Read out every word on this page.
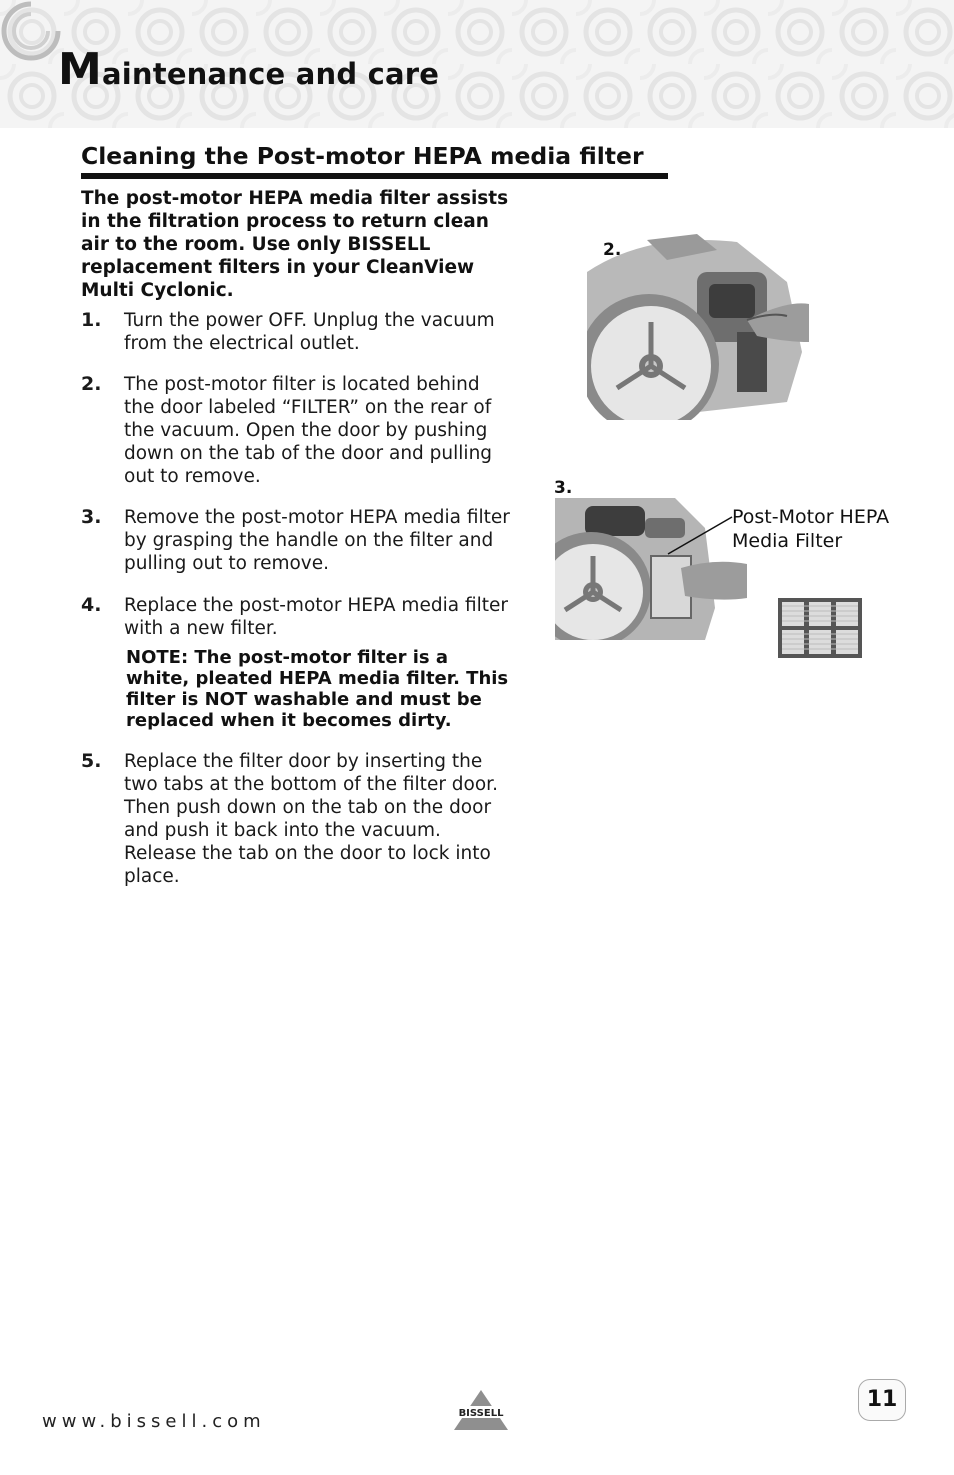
Maintenance and care
Cleaning the Post-motor HEPA media filter

The post-motor HEPA media filter assists in the filtration process to return clean air to the room. Use only BISSELL replacement filters in your CleanView Multi Cyclonic.

1. Turn the power OFF. Unplug the vacuum from the electrical outlet.
2. The post-motor filter is located behind the door labeled “FILTER” on the rear of the vacuum. Open the door by pushing down on the tab of the door and pulling out to remove.
3. Remove the post-motor HEPA media filter by grasping the handle on the filter and pulling out to remove.
4. Replace the post-motor HEPA media filter with a new filter.
5. Replace the filter door by inserting the two tabs at the bottom of the filter door. Then push down on the tab on the door and push it back into the vacuum. Release the tab on the door to lock into place.

NOTE: The post-motor filter is a white, pleated HEPA media filter. This filter is NOT washable and must be replaced when it becomes dirty.

2.
3.
Post-Motor HEPA Media Filter
www.bissell.com	BISSELL
11
